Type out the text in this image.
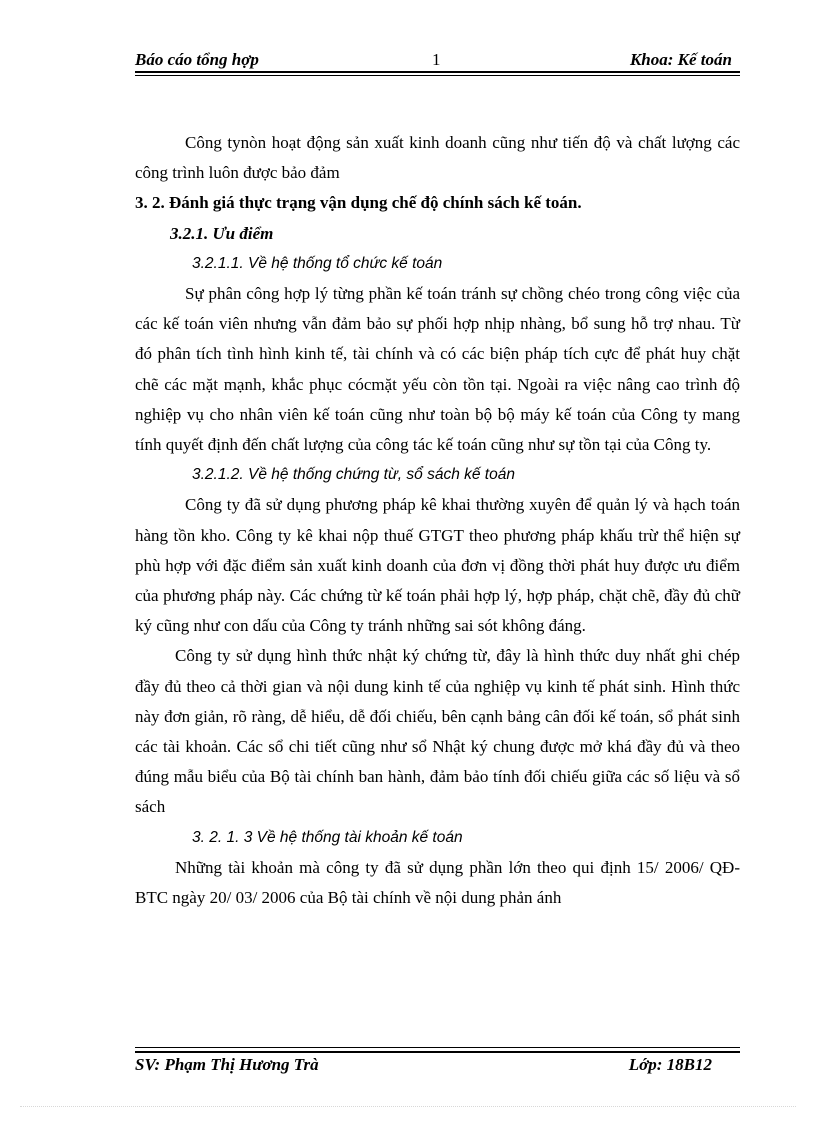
Báo cáo tổng hợp	1	Khoa: Kế toán

Công tynòn hoạt động sản xuất kinh doanh cũng như tiến độ và chất lượng các công trình luôn được bảo đảm

3. 2. Đánh giá thực trạng vận dụng chế độ chính sách kế toán.

3.2.1. Ưu điểm

3.2.1.1. Về hệ thống tổ chức kế toán

Sự phân công hợp lý từng phần kế toán tránh sự chồng chéo trong công việc của các kế toán viên nhưng vẫn đảm bảo sự phối hợp nhịp nhàng, bổ sung hỗ trợ nhau. Từ đó phân tích tình hình kinh tế, tài chính và có các biện pháp tích cực để phát huy chặt chẽ các mặt mạnh, khắc phục cócmặt yếu còn tồn tại. Ngoài ra việc nâng cao trình độ nghiệp vụ cho nhân viên kế toán cũng như toàn bộ bộ máy kế toán của Công ty mang tính quyết định đến chất lượng của công tác kế toán cũng như sự tồn tại của Công ty.

3.2.1.2. Về hệ thống chứng từ, sổ sách kế toán

Công ty đã sử dụng phương pháp kê khai thường xuyên để quản lý và hạch toán hàng tồn kho. Công ty kê khai nộp thuế GTGT theo phương pháp khấu trừ thể hiện sự phù hợp với đặc điểm sản xuất kinh doanh của đơn vị đồng thời phát huy được ưu điểm của phương pháp này. Các chứng từ kế toán phải hợp lý, hợp pháp, chặt chẽ, đầy đủ chữ ký cũng như con dấu của Công ty tránh những sai sót không đáng.

Công ty sử dụng hình thức nhật ký chứng từ, đây là hình thức duy nhất ghi chép đầy đủ theo cả thời gian và nội dung kinh tế của nghiệp vụ kinh tế phát sinh. Hình thức này đơn giản, rõ ràng, dễ hiểu, dễ đối chiếu, bên cạnh bảng cân đối kế toán, sổ phát sinh các tài khoản. Các sổ chi tiết cũng như sổ Nhật ký chung được mở khá đầy đủ và theo đúng mẫu biểu của Bộ tài chính ban hành, đảm bảo tính đối chiếu giữa các số liệu và sổ sách

3. 2. 1. 3 Về hệ thống tài khoản kế toán

Những tài khoản mà công ty đã sử dụng phần lớn theo qui định 15/ 2006/ QĐ-BTC ngày 20/ 03/ 2006 của Bộ tài chính về nội dung phản ánh

SV: Phạm Thị Hương Trà	Lớp: 18B12
